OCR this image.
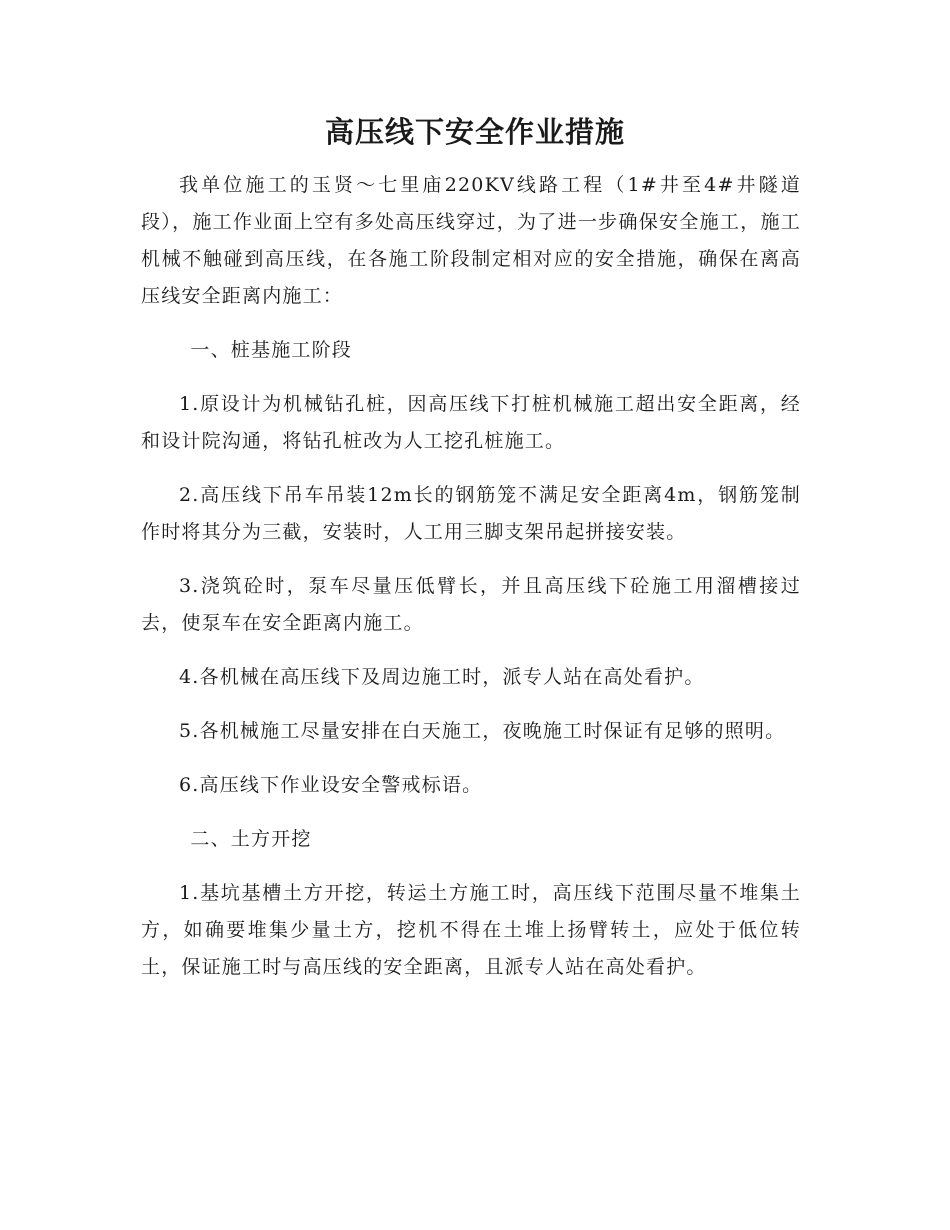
高压线下安全作业措施

我单位施工的玉贤～七里庙220KV线路工程（1#井至4#井隧道段），施工作业面上空有多处高压线穿过，为了进一步确保安全施工，施工机械不触碰到高压线，在各施工阶段制定相对应的安全措施，确保在离高压线安全距离内施工：

一、桩基施工阶段

1.原设计为机械钻孔桩，因高压线下打桩机械施工超出安全距离，经和设计院沟通，将钻孔桩改为人工挖孔桩施工。

2.高压线下吊车吊装12m长的钢筋笼不满足安全距离4m，钢筋笼制作时将其分为三截，安装时，人工用三脚支架吊起拼接安装。

3.浇筑砼时，泵车尽量压低臂长，并且高压线下砼施工用溜槽接过去，使泵车在安全距离内施工。

4.各机械在高压线下及周边施工时，派专人站在高处看护。

5.各机械施工尽量安排在白天施工，夜晚施工时保证有足够的照明。

6.高压线下作业设安全警戒标语。

二、土方开挖

1.基坑基槽土方开挖，转运土方施工时，高压线下范围尽量不堆集土方，如确要堆集少量土方，挖机不得在土堆上扬臂转土，应处于低位转土，保证施工时与高压线的安全距离，且派专人站在高处看护。
